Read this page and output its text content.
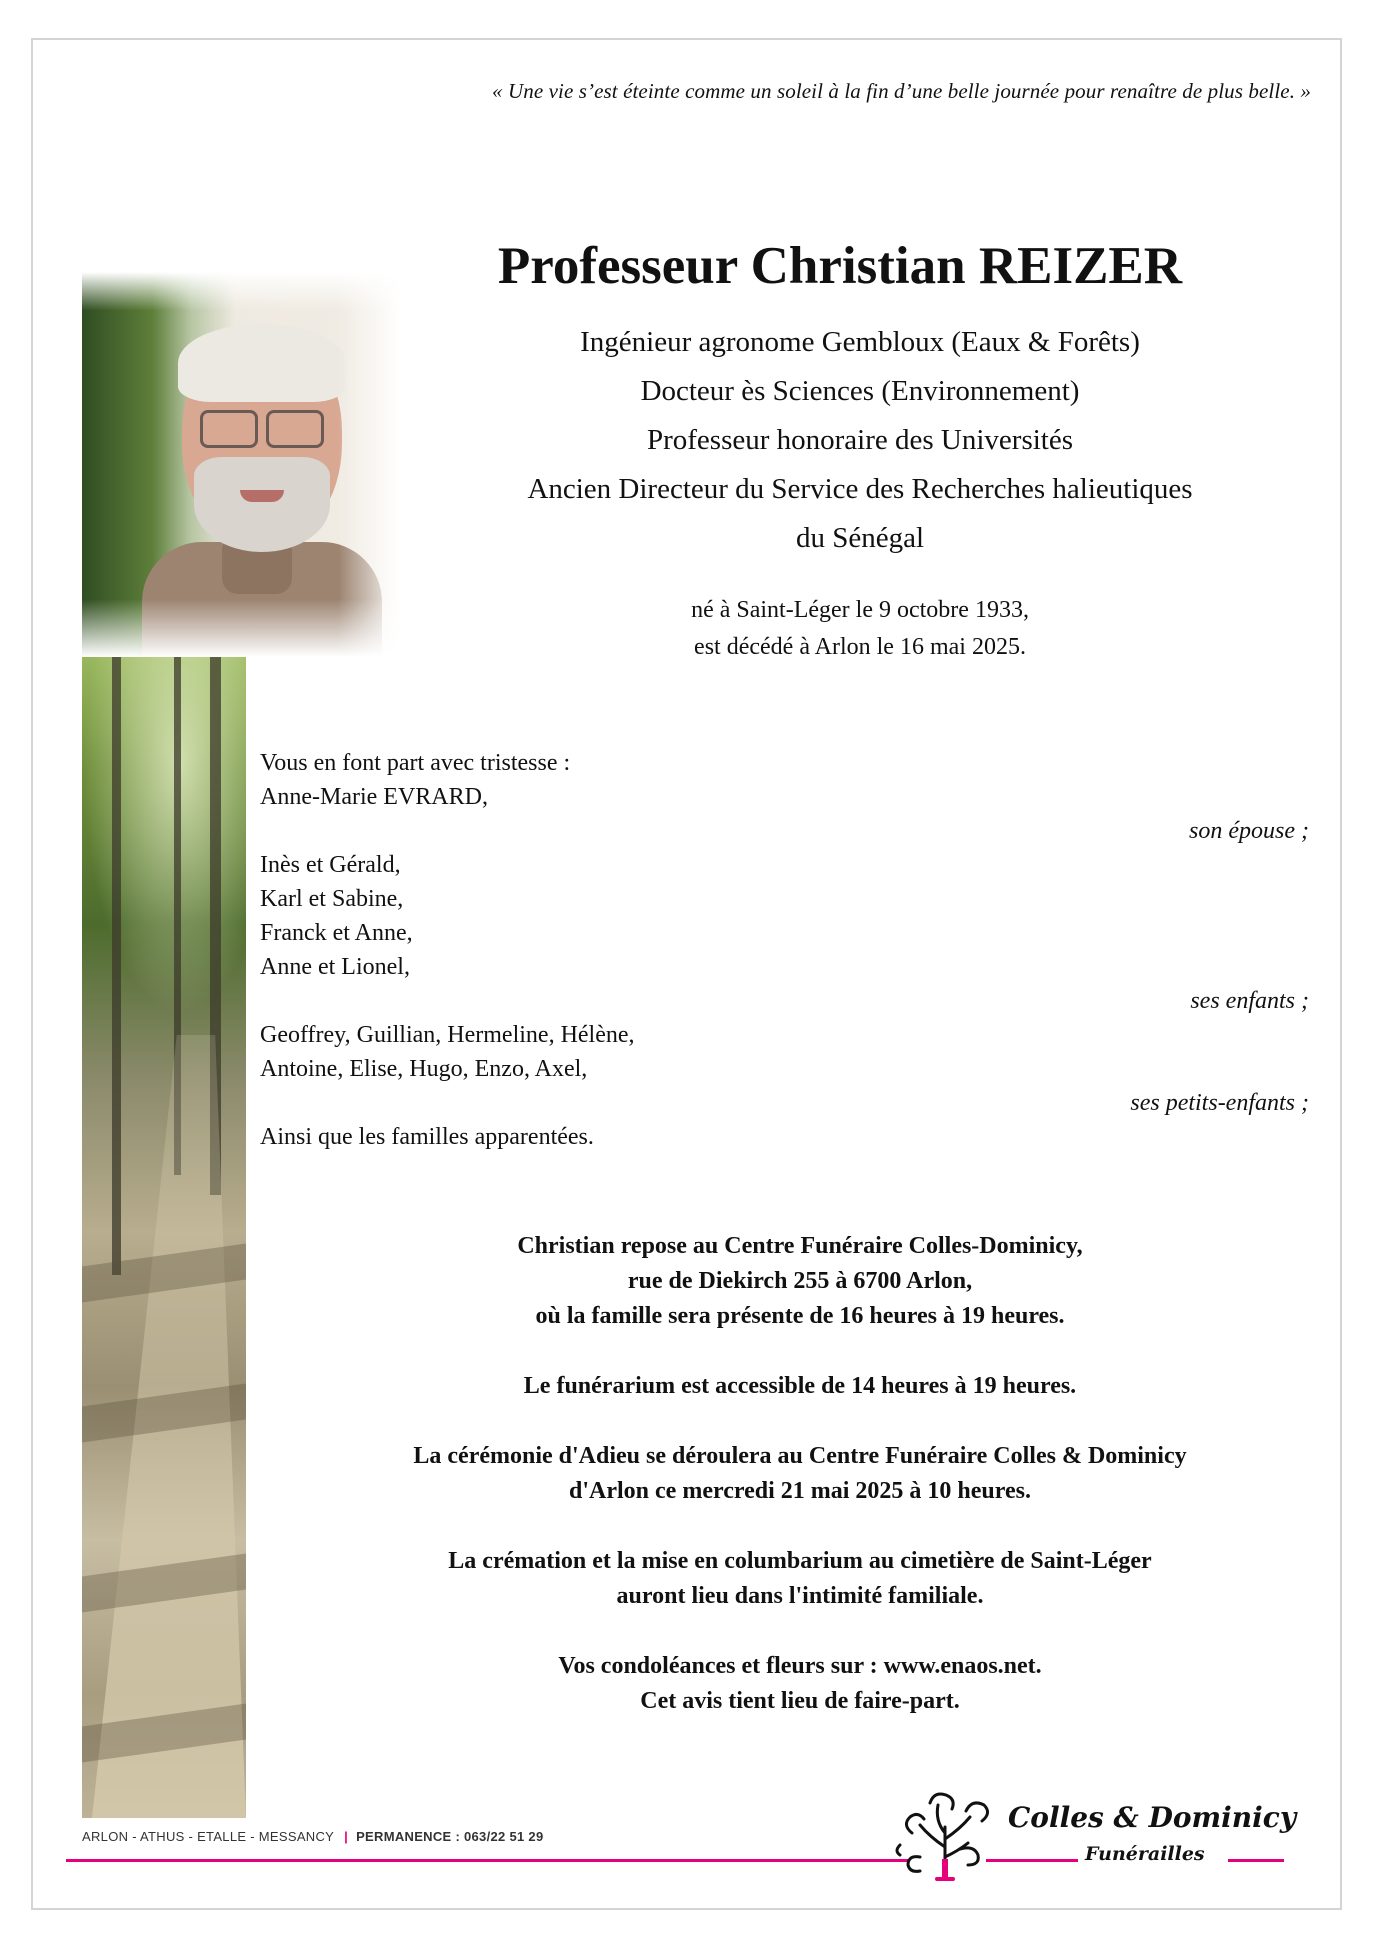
« Une vie s’est éteinte comme un soleil à la fin d’une belle journée pour renaître de plus belle. »
Professeur Christian REIZER
Ingénieur agronome Gembloux (Eaux & Forêts)
Docteur ès Sciences (Environnement)
Professeur honoraire des Universités
Ancien Directeur du Service des Recherches halieutiques
du Sénégal
né à Saint-Léger le 9 octobre 1933,
est décédé à Arlon le 16 mai 2025.
Vous en font part avec tristesse :
Anne-Marie EVRARD,
son épouse ;
Inès et Gérald,
Karl et Sabine,
Franck et Anne,
Anne et Lionel,
ses enfants ;
Geoffrey, Guillian, Hermeline, Hélène,
Antoine, Elise, Hugo, Enzo, Axel,
ses petits-enfants ;
Ainsi que les familles apparentées.

Christian repose au Centre Funéraire Colles-Dominicy,
rue de Diekirch 255 à 6700 Arlon,
où la famille sera présente de 16 heures à 19 heures.

Le funérarium est accessible de 14 heures à 19 heures.

La cérémonie d'Adieu se déroulera au Centre Funéraire Colles & Dominicy
d'Arlon ce mercredi 21 mai 2025 à 10 heures.

La crémation et la mise en columbarium au cimetière de Saint-Léger
auront lieu dans l'intimité familiale.

Vos condoléances et fleurs sur : www.enaos.net.
Cet avis tient lieu de faire-part.

ARLON - ATHUS - ETALLE - MESSANCY | PERMANENCE : 063/22 51 29
Colles & Dominicy
Funérailles
